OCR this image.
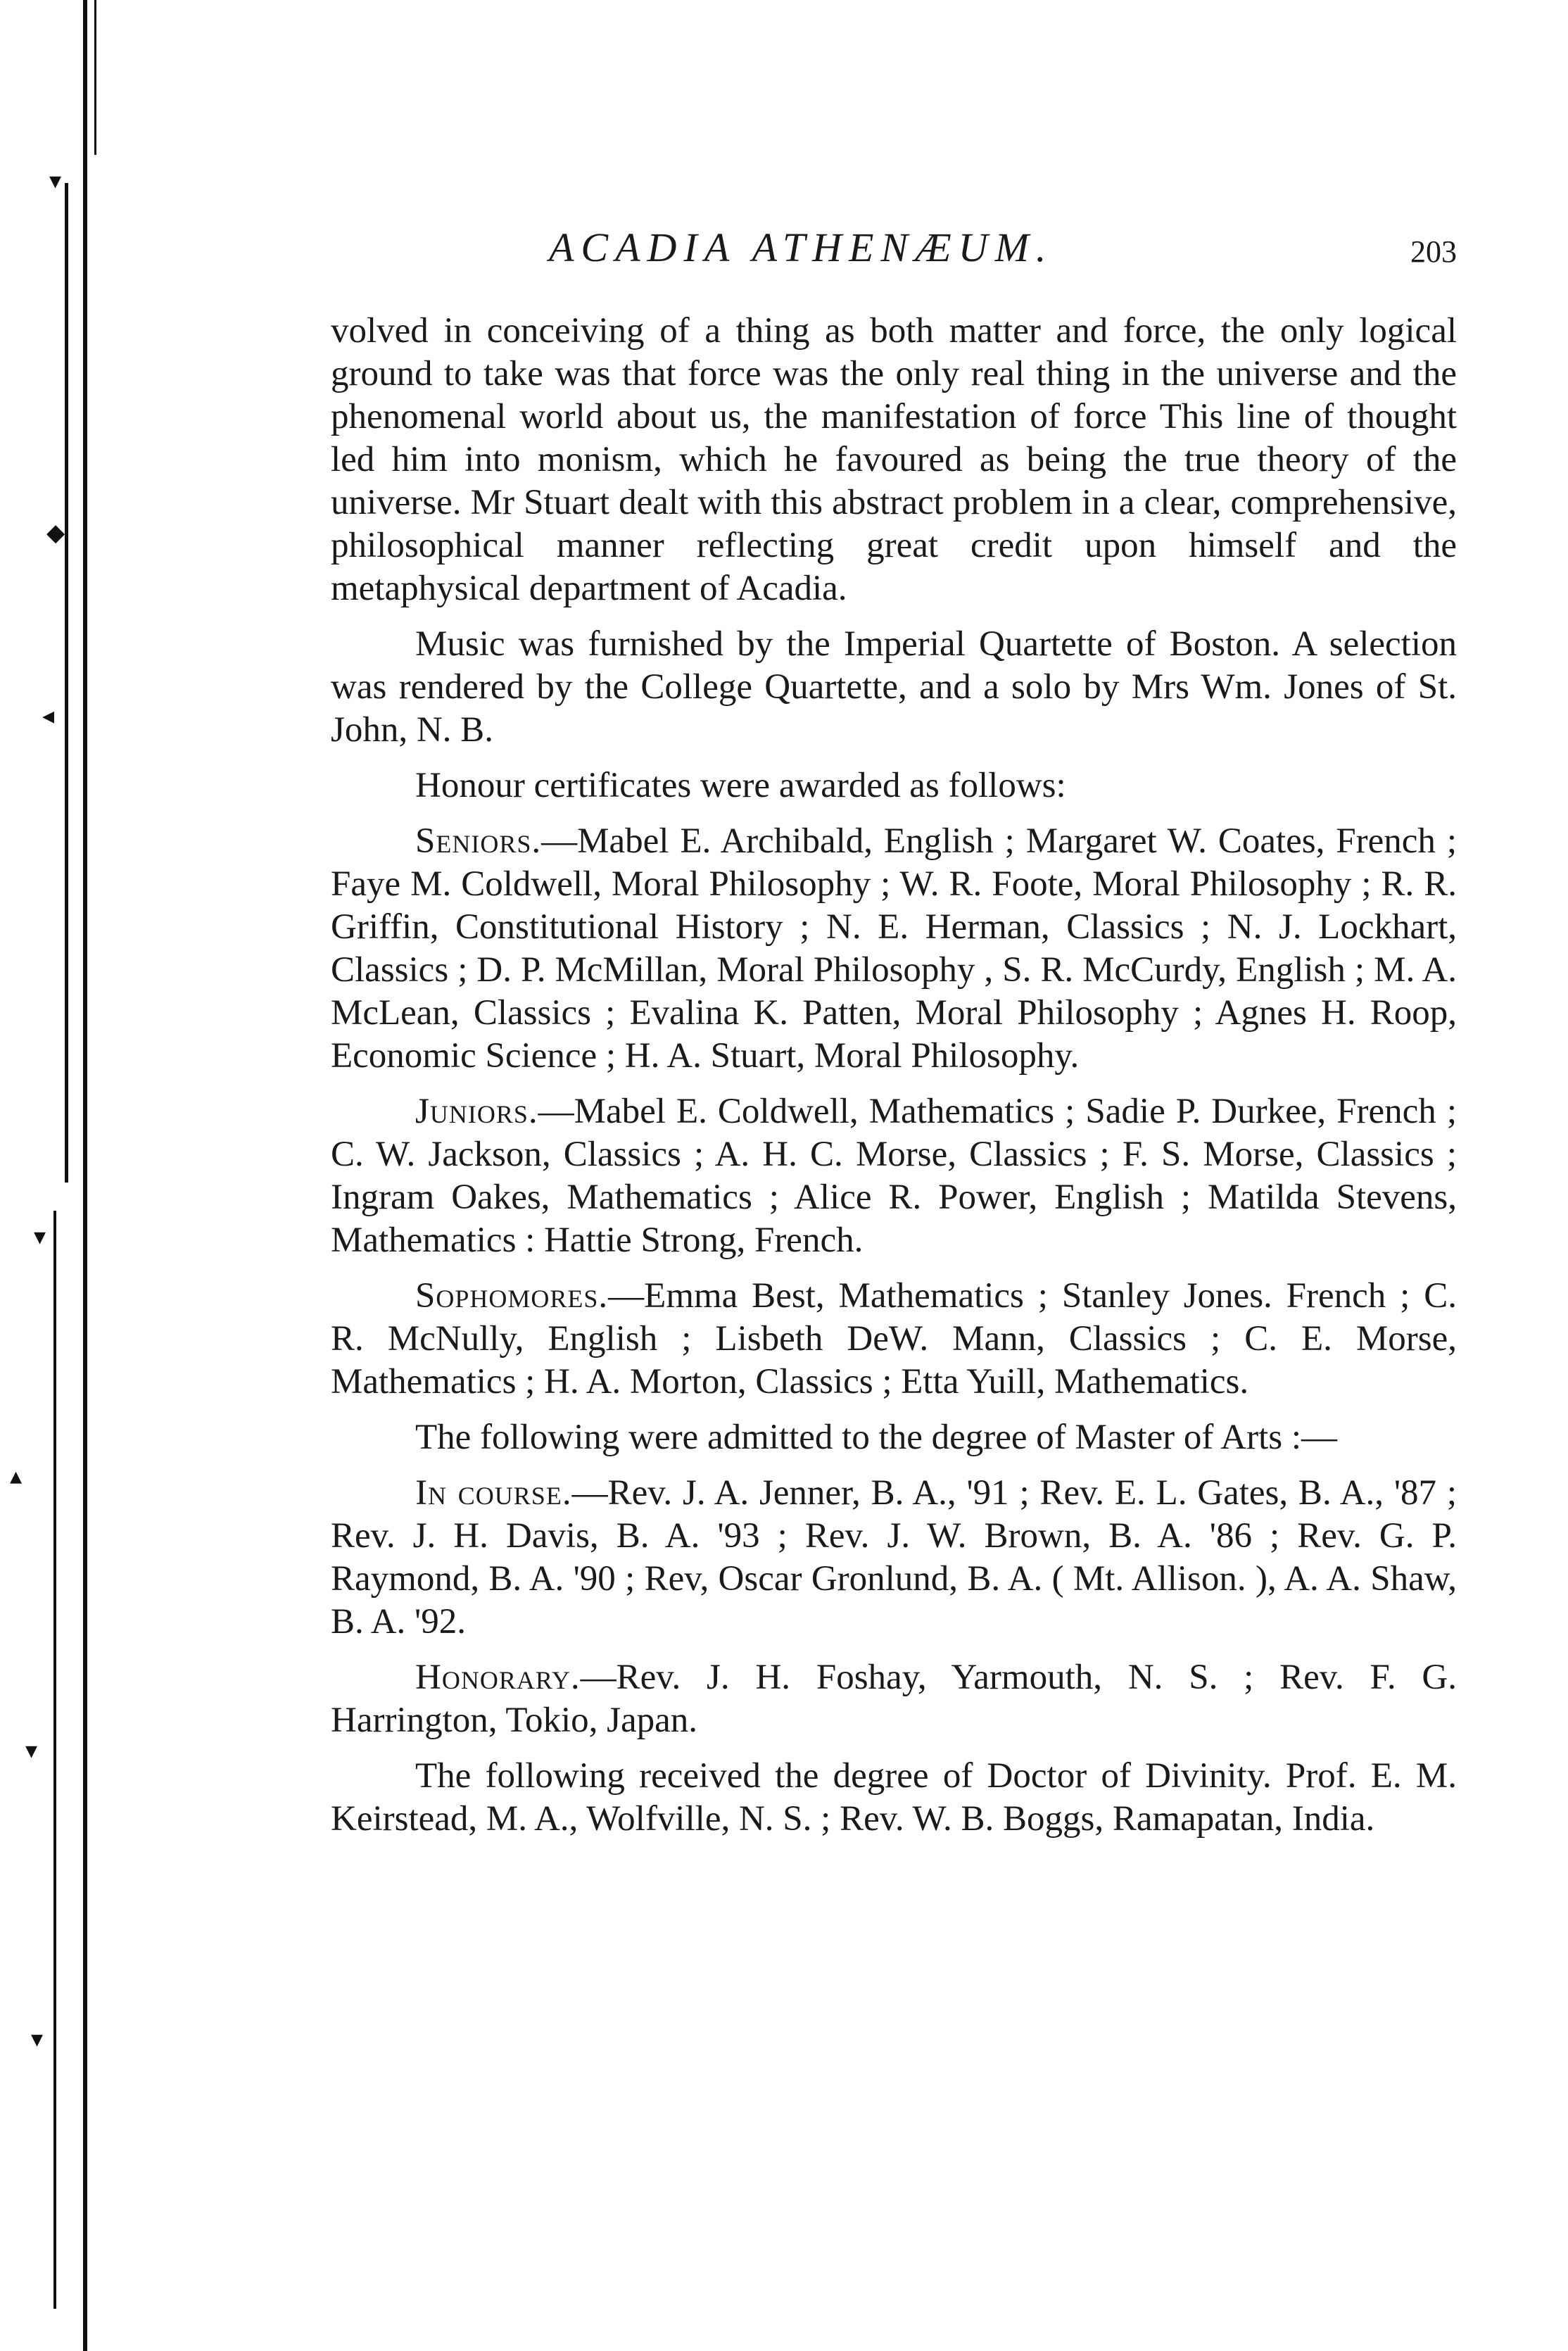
▾
◆
◂
▾
▴
▾
▾
ACADIA ATHENÆUM.	203

volved in conceiving of a thing as both matter and force, the only logical ground to take was that force was the only real thing in the universe and the phenomenal world about us, the manifestation of force This line of thought led him into monism, which he favoured as being the true theory of the universe. Mr Stuart dealt with this abstract problem in a clear, comprehensive, philosophical manner reflecting great credit upon himself and the metaphysical department of Acadia.

Music was furnished by the Imperial Quartette of Boston. A selection was rendered by the College Quartette, and a solo by Mrs Wm. Jones of St. John, N. B.

Honour certificates were awarded as follows:

Seniors.—Mabel E. Archibald, English ; Margaret W. Coates, French ; Faye M. Coldwell, Moral Philosophy ; W. R. Foote, Moral Philosophy ; R. R. Griffin, Constitutional History ; N. E. Herman, Classics ; N. J. Lockhart, Classics ; D. P. McMillan, Moral Philosophy , S. R. McCurdy, English ; M. A. McLean, Classics ; Evalina K. Patten, Moral Philosophy ; Agnes H. Roop, Economic Science ; H. A. Stuart, Moral Philosophy.

Juniors.—Mabel E. Coldwell, Mathematics ; Sadie P. Durkee, French ; C. W. Jackson, Classics ; A. H. C. Morse, Classics ; F. S. Morse, Classics ; Ingram Oakes, Mathematics ; Alice R. Power, English ; Matilda Stevens, Mathematics : Hattie Strong, French.

Sophomores.—Emma Best, Mathematics ; Stanley Jones. French ; C. R. McNully, English ; Lisbeth DeW. Mann, Classics ; C. E. Morse, Mathematics ; H. A. Morton, Classics ; Etta Yuill, Mathematics.

The following were admitted to the degree of Master of Arts :—

In course.—Rev. J. A. Jenner, B. A., '91 ; Rev. E. L. Gates, B. A., '87 ; Rev. J. H. Davis, B. A. '93 ; Rev. J. W. Brown, B. A. '86 ; Rev. G. P. Raymond, B. A. '90 ; Rev, Oscar Gronlund, B. A. ( Mt. Allison. ), A. A. Shaw, B. A. '92.

Honorary.—Rev. J. H. Foshay, Yarmouth, N. S. ; Rev. F. G. Harrington, Tokio, Japan.

The following received the degree of Doctor of Divinity. Prof. E. M. Keirstead, M. A., Wolfville, N. S. ; Rev. W. B. Boggs, Ramapatan, India.
